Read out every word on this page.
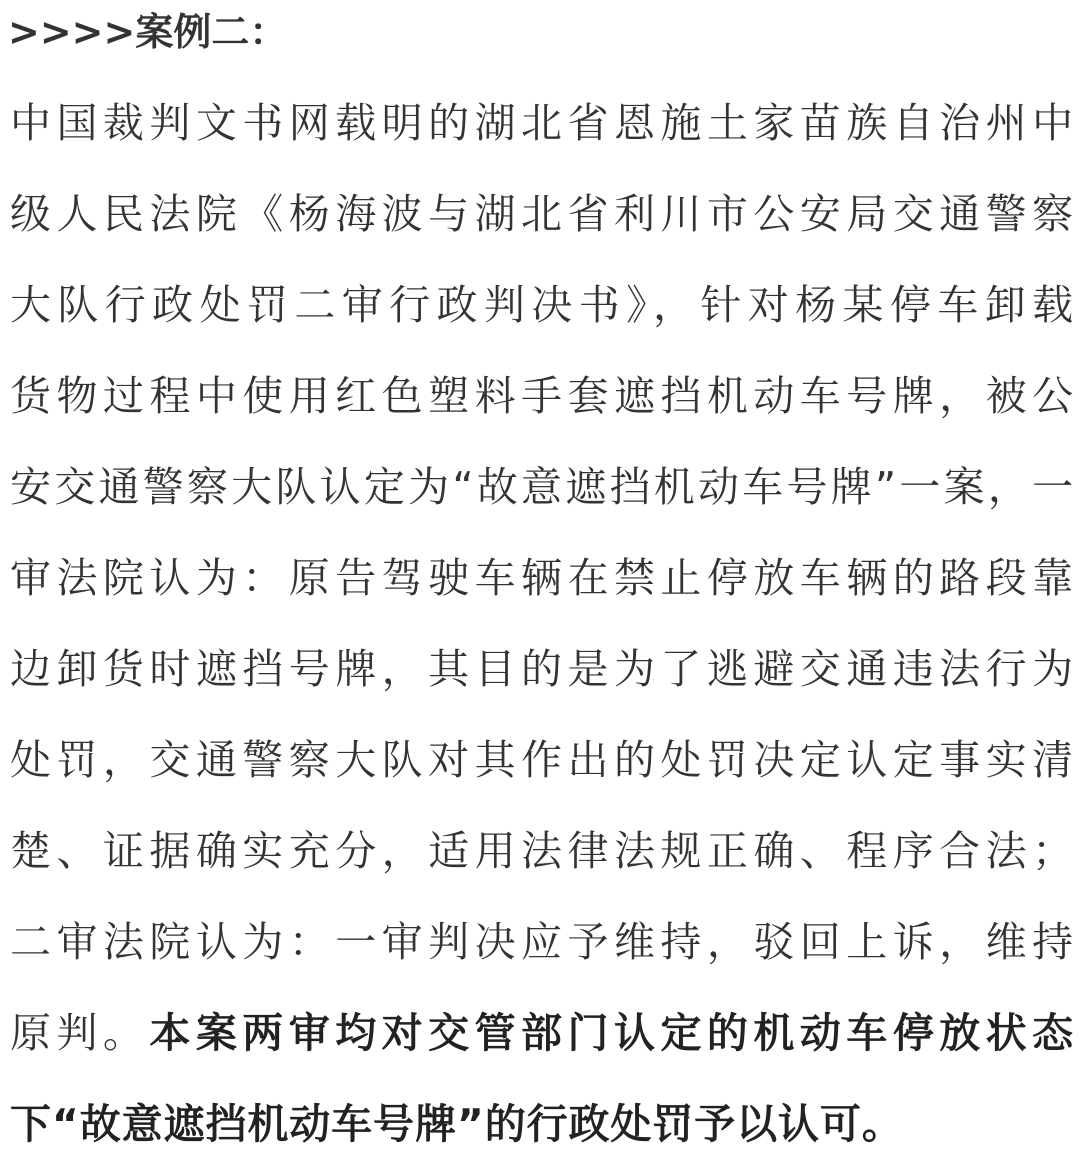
>>>>案例二：
中国裁判文书网载明的湖北省恩施土家苗族自治州中
级人民法院《杨海波与湖北省利川市公安局交通警察
大队行政处罚二审行政判决书》，针对杨某停车卸载
货物过程中使用红色塑料手套遮挡机动车号牌，被公
安交通警察大队认定为“故意遮挡机动车号牌”一案，一
审法院认为：原告驾驶车辆在禁止停放车辆的路段靠
边卸货时遮挡号牌，其目的是为了逃避交通违法行为
处罚，交通警察大队对其作出的处罚决定认定事实清
楚、证据确实充分，适用法律法规正确、程序合法；
二审法院认为：一审判决应予维持，驳回上诉，维持
原判。本案两审均对交管部门认定的机动车停放状态
下“故意遮挡机动车号牌”的行政处罚予以认可。
